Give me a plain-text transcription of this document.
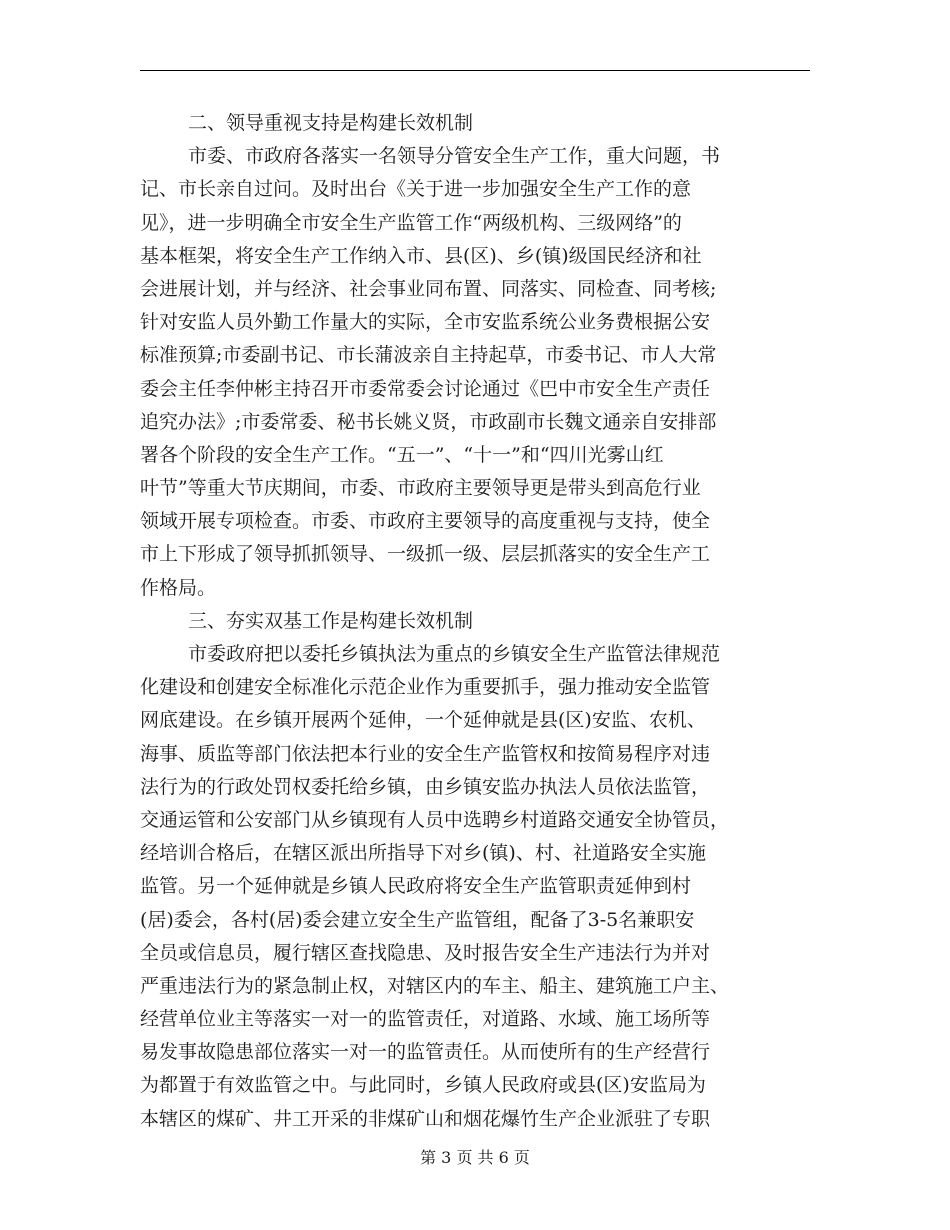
二、领导重视支持是构建长效机制
市委、市政府各落实一名领导分管安全生产工作，重大问题，书
记、市长亲自过问。及时出台《关于进一步加强安全生产工作的意
见》，进一步明确全市安全生产监管工作“两级机构、三级网络”的
基本框架，将安全生产工作纳入市、县(区)、乡(镇)级国民经济和社
会进展计划，并与经济、社会事业同布置、同落实、同检查、同考核;
针对安监人员外勤工作量大的实际，全市安监系统公业务费根据公安
标准预算;市委副书记、市长蒲波亲自主持起草，市委书记、市人大常
委会主任李仲彬主持召开市委常委会讨论通过《巴中市安全生产责任
追究办法》;市委常委、秘书长姚义贤，市政副市长魏文通亲自安排部
署各个阶段的安全生产工作。“五一”、“十一”和“四川光雾山红
叶节”等重大节庆期间，市委、市政府主要领导更是带头到高危行业
领域开展专项检查。市委、市政府主要领导的高度重视与支持，使全
市上下形成了领导抓抓领导、一级抓一级、层层抓落实的安全生产工
作格局。
三、夯实双基工作是构建长效机制
市委政府把以委托乡镇执法为重点的乡镇安全生产监管法律规范
化建设和创建安全标准化示范企业作为重要抓手，强力推动安全监管
网底建设。在乡镇开展两个延伸，一个延伸就是县(区)安监、农机、
海事、质监等部门依法把本行业的安全生产监管权和按简易程序对违
法行为的行政处罚权委托给乡镇，由乡镇安监办执法人员依法监管，
交通运管和公安部门从乡镇现有人员中选聘乡村道路交通安全协管员，
经培训合格后，在辖区派出所指导下对乡(镇)、村、社道路安全实施
监管。另一个延伸就是乡镇人民政府将安全生产监管职责延伸到村
(居)委会，各村(居)委会建立安全生产监管组，配备了3-5名兼职安
全员或信息员，履行辖区查找隐患、及时报告安全生产违法行为并对
严重违法行为的紧急制止权，对辖区内的车主、船主、建筑施工户主、
经营单位业主等落实一对一的监管责任，对道路、水域、施工场所等
易发事故隐患部位落实一对一的监管责任。从而使所有的生产经营行
为都置于有效监管之中。与此同时，乡镇人民政府或县(区)安监局为
本辖区的煤矿、井工开采的非煤矿山和烟花爆竹生产企业派驻了专职
第 3 页 共 6 页
